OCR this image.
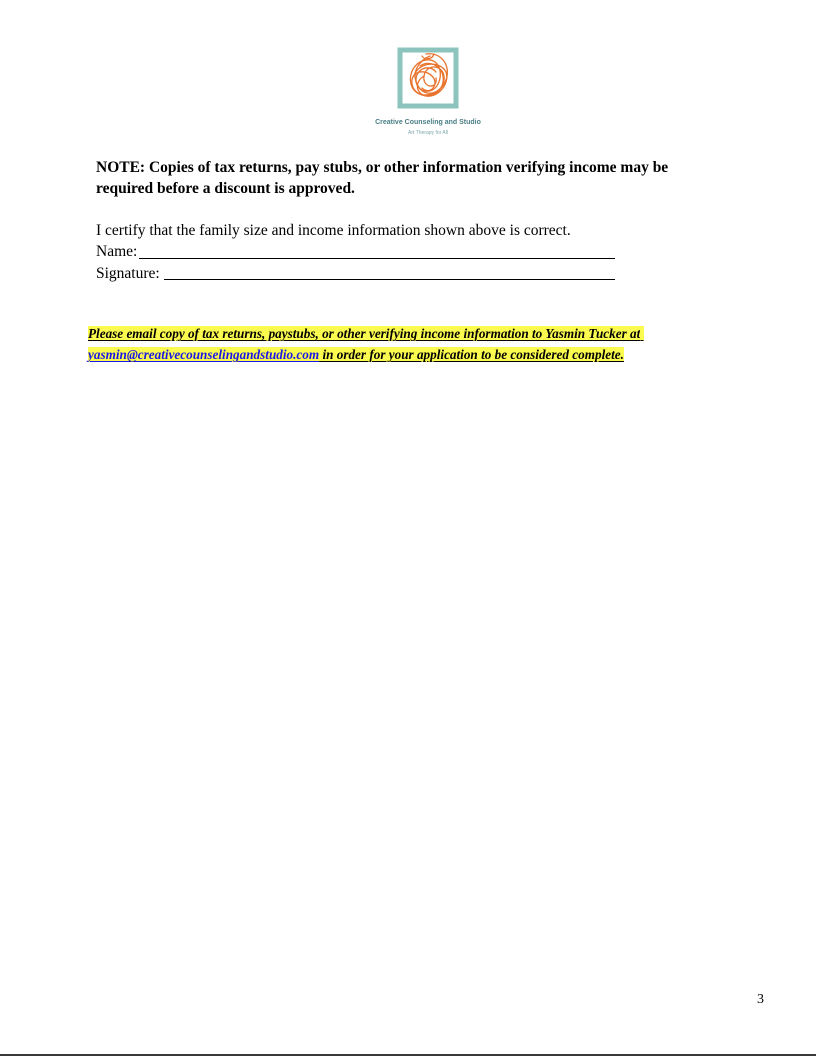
Creative Counseling and Studio
Art Therapy for All
NOTE: Copies of tax returns, pay stubs, or other information verifying income may be required before a discount is approved.
I certify that the family size and income information shown above is correct.
Name:
Signature:
Please email copy of tax returns, paystubs, or other verifying income information to Yasmin Tucker at
yasmin@creativecounselingandstudio.com in order for your application to be considered complete.
3
